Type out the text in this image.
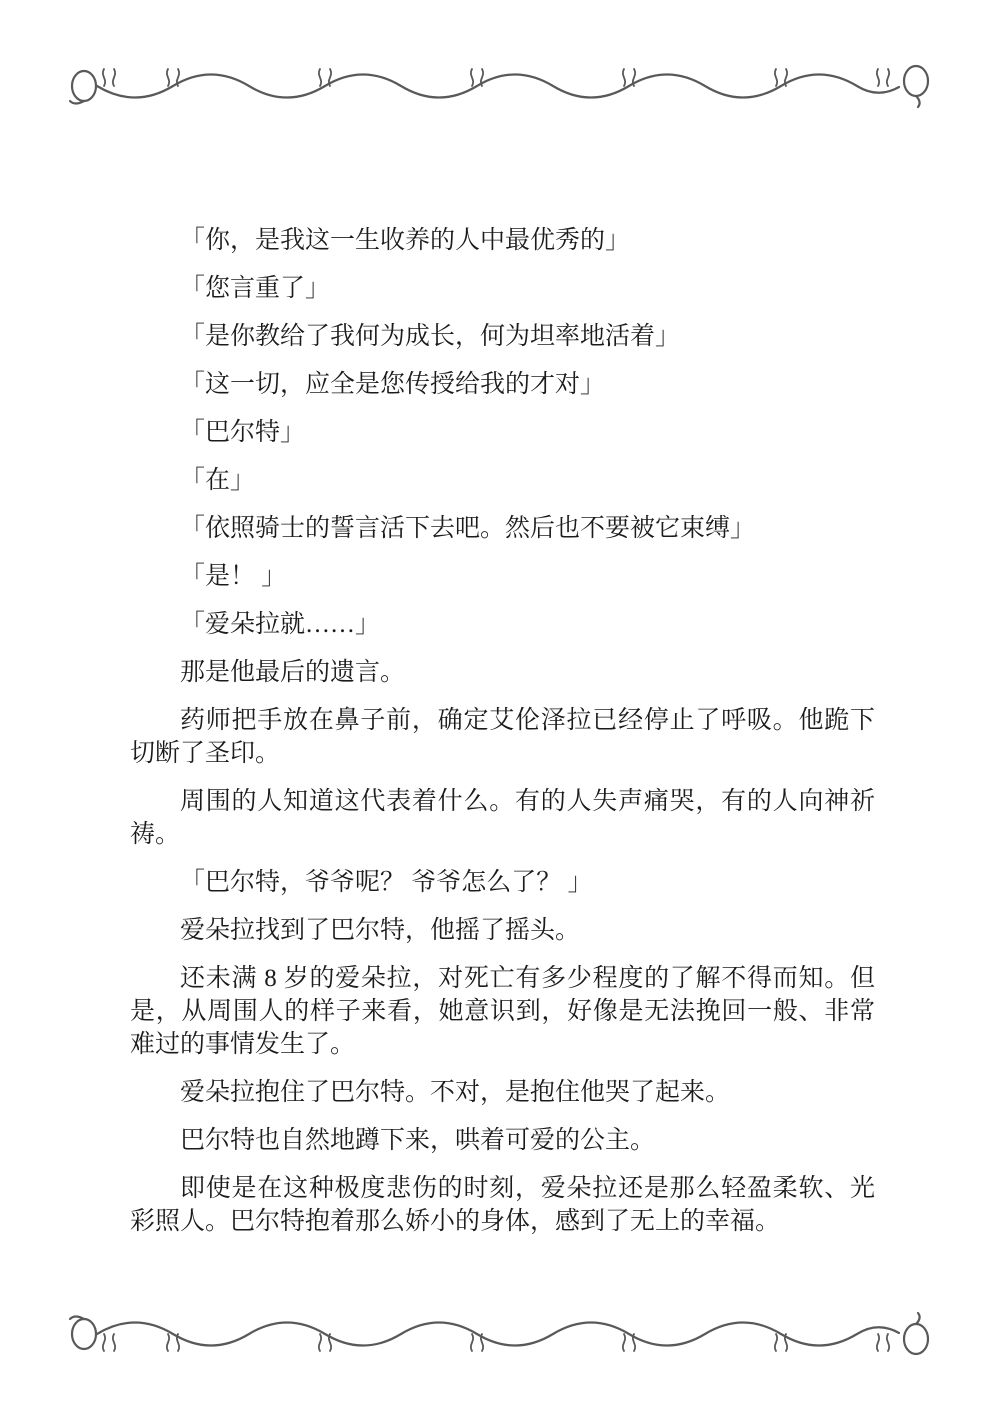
「你，是我这一生收养的人中最优秀的」

「您言重了」

「是你教给了我何为成长，何为坦率地活着」

「这一切，应全是您传授给我的才对」

「巴尔特」

「在」

「依照骑士的誓言活下去吧。然后也不要被它束缚」

「是！ 」

「爱朵拉就……」

那是他最后的遗言。

药师把手放在鼻子前，确定艾伦泽拉已经停止了呼吸。他跪下切断了圣印。

周围的人知道这代表着什么。有的人失声痛哭，有的人向神祈祷。

「巴尔特，爷爷呢？ 爷爷怎么了？ 」

爱朵拉找到了巴尔特，他摇了摇头。

还未满 8 岁的爱朵拉，对死亡有多少程度的了解不得而知。但是，从周围人的样子来看，她意识到，好像是无法挽回一般、非常难过的事情发生了。

爱朵拉抱住了巴尔特。不对，是抱住他哭了起来。

巴尔特也自然地蹲下来，哄着可爱的公主。

即使是在这种极度悲伤的时刻，爱朵拉还是那么轻盈柔软、光彩照人。巴尔特抱着那么娇小的身体，感到了无上的幸福。
